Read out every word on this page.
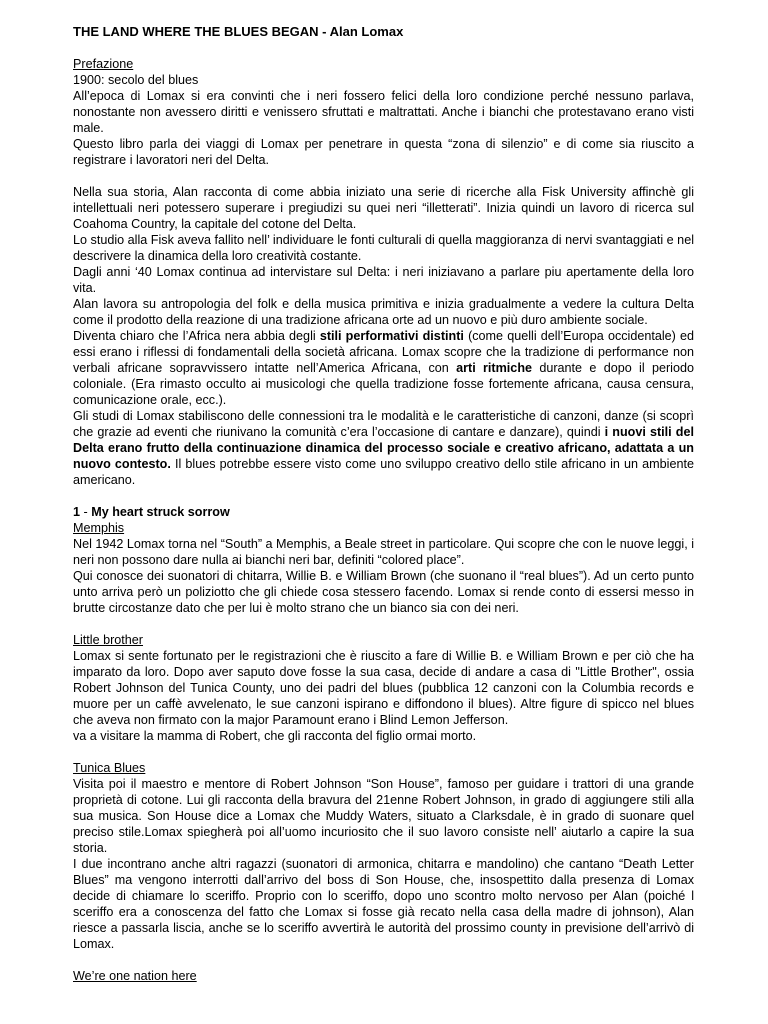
THE LAND WHERE THE BLUES BEGAN - Alan Lomax
Prefazione

1900: secolo del blues

All’epoca di Lomax si era convinti che i neri fossero felici della loro condizione perché nessuno parlava, nonostante non avessero diritti e venissero sfruttati e maltrattati. Anche i bianchi che protestavano erano visti male.

Questo libro parla dei viaggi di Lomax per penetrare in questa “zona di silenzio” e di come sia riuscito a registrare i lavoratori neri del Delta.

Nella sua storia, Alan racconta di come abbia iniziato una serie di ricerche alla Fisk University affinchè gli intellettuali neri potessero superare i pregiudizi su quei neri “illetterati”. Inizia quindi un lavoro di ricerca sul Coahoma Country, la capitale del cotone del Delta.

Lo studio alla Fisk aveva fallito nell’ individuare le fonti culturali di quella maggioranza di nervi svantaggiati e nel descrivere la dinamica della loro creatività costante.

Dagli anni ‘40 Lomax continua ad intervistare sul Delta: i neri iniziavano a parlare piu apertamente della loro vita.

Alan lavora su antropologia del folk e della musica primitiva e inizia gradualmente a vedere la cultura Delta come il prodotto della reazione di una tradizione africana orte ad un nuovo e più duro ambiente sociale.

Diventa chiaro che l’Africa nera abbia degli stili performativi distinti (come quelli dell’Europa occidentale) ed essi erano i riflessi di fondamentali della società africana. Lomax scopre che la tradizione di performance non verbali africane sopravvissero intatte nell’America Africana, con arti ritmiche durante e dopo il periodo coloniale. (Era rimasto occulto ai musicologi che quella tradizione fosse fortemente africana, causa censura, comunicazione orale, ecc.).

Gli studi di Lomax stabiliscono delle connessioni tra le modalità e le caratteristiche di canzoni, danze (si scoprì che grazie ad eventi che riunivano la comunità c’era l’occasione di cantare e danzare), quindi i nuovi stili del Delta erano frutto della continuazione dinamica del processo sociale e creativo africano, adattata a un nuovo contesto. Il blues potrebbe essere visto come uno sviluppo creativo dello stile africano in un ambiente americano.

1 - My heart struck sorrow
Memphis

Nel 1942 Lomax torna nel “South” a Memphis, a Beale street in particolare. Qui scopre che con le nuove leggi, i neri non possono dare nulla ai bianchi neri bar, definiti “colored place”.

Qui conosce dei suonatori di chitarra, Willie B. e William Brown (che suonano il “real blues”). Ad un certo punto unto arriva però un poliziotto che gli chiede cosa stessero facendo. Lomax si rende conto di essersi messo in brutte circostanze dato che per lui è molto strano che un bianco sia con dei neri.

Little brother

Lomax si sente fortunato per le registrazioni che è riuscito a fare di Willie B. e William Brown e per ciò che ha imparato da loro. Dopo aver saputo dove fosse la sua casa, decide di andare a casa di "Little Brother", ossia Robert Johnson del Tunica County, uno dei padri del blues (pubblica 12 canzoni con la Columbia records e muore per un caffè avvelenato, le sue canzoni ispirano e diffondono il blues). Altre figure di spicco nel blues che aveva non firmato con la major Paramount erano i Blind Lemon Jefferson.

va a visitare la mamma di Robert, che gli racconta del figlio ormai morto.

Tunica Blues

Visita poi il maestro e mentore di Robert Johnson “Son House”, famoso per guidare i trattori di una grande proprietà di cotone. Lui gli racconta della bravura del 21enne Robert Johnson, in grado di aggiungere stili alla sua musica. Son House dice a Lomax che Muddy Waters, situato a Clarksdale, è in grado di suonare quel preciso stile.Lomax spiegherà poi all’uomo incuriosito che il suo lavoro consiste nell’ aiutarlo a capire la sua storia.

I due incontrano anche altri ragazzi (suonatori di armonica, chitarra e mandolino) che cantano “Death Letter Blues” ma vengono interrotti dall’arrivo del boss di Son House, che, insospettito dalla presenza di Lomax decide di chiamare lo sceriffo. Proprio con lo sceriffo, dopo uno scontro molto nervoso per Alan (poiché l sceriffo era a conoscenza del fatto che Lomax si fosse già recato nella casa della madre di johnson), Alan riesce a passarla liscia, anche se lo sceriffo avvertirà le autorità del prossimo county in previsione dell’arrivò di Lomax.

We’re one nation here
